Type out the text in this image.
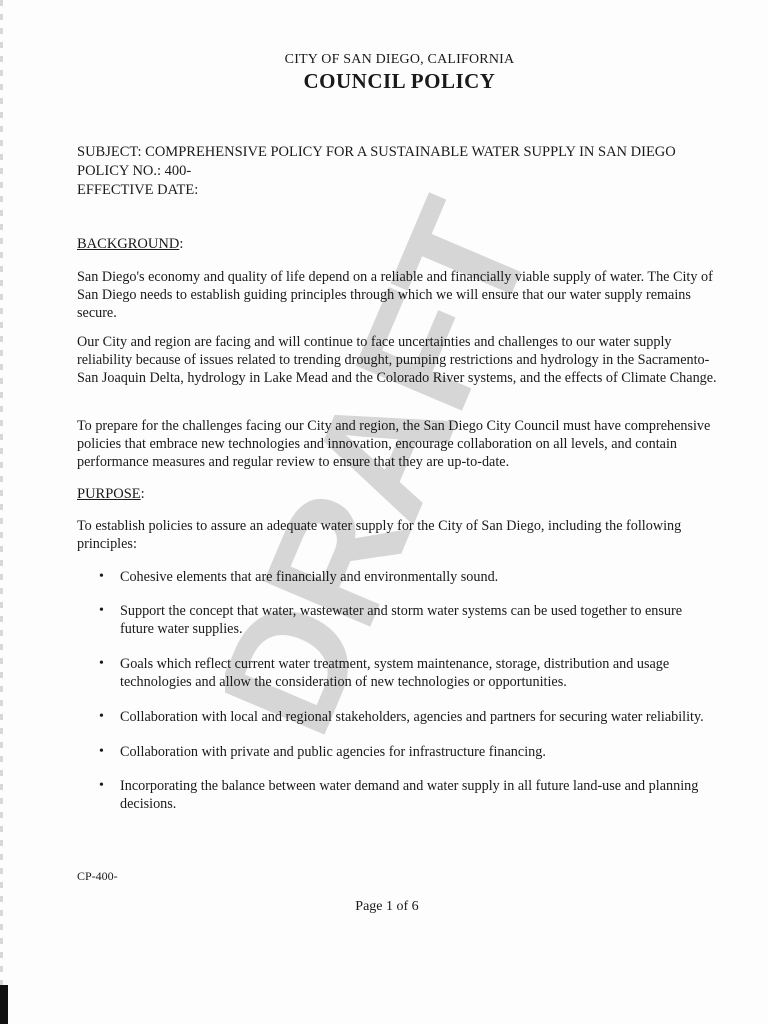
DRAFT
CITY OF SAN DIEGO, CALIFORNIA
COUNCIL POLICY
SUBJECT: COMPREHENSIVE POLICY FOR A SUSTAINABLE WATER SUPPLY IN SAN DIEGO
POLICY NO.: 400-
EFFECTIVE DATE:
BACKGROUND:
San Diego's economy and quality of life depend on a reliable and financially viable supply of water. The City of San Diego needs to establish guiding principles through which we will ensure that our water supply remains secure.
Our City and region are facing and will continue to face uncertainties and challenges to our water supply reliability because of issues related to trending drought, pumping restrictions and hydrology in the Sacramento-San Joaquin Delta, hydrology in Lake Mead and the Colorado River systems, and the effects of Climate Change.
To prepare for the challenges facing our City and region, the San Diego City Council must have comprehensive policies that embrace new technologies and innovation, encourage collaboration on all levels, and contain performance measures and regular review to ensure that they are up-to-date.
PURPOSE:
To establish policies to assure an adequate water supply for the City of San Diego, including the following principles:
• Cohesive elements that are financially and environmentally sound.
• Support the concept that water, wastewater and storm water systems can be used together to ensure future water supplies.
• Goals which reflect current water treatment, system maintenance, storage, distribution and usage technologies and allow the consideration of new technologies or opportunities.
• Collaboration with local and regional stakeholders, agencies and partners for securing water reliability.
• Collaboration with private and public agencies for infrastructure financing.
• Incorporating the balance between water demand and water supply in all future land-use and planning decisions.
CP-400-
Page 1 of 6
